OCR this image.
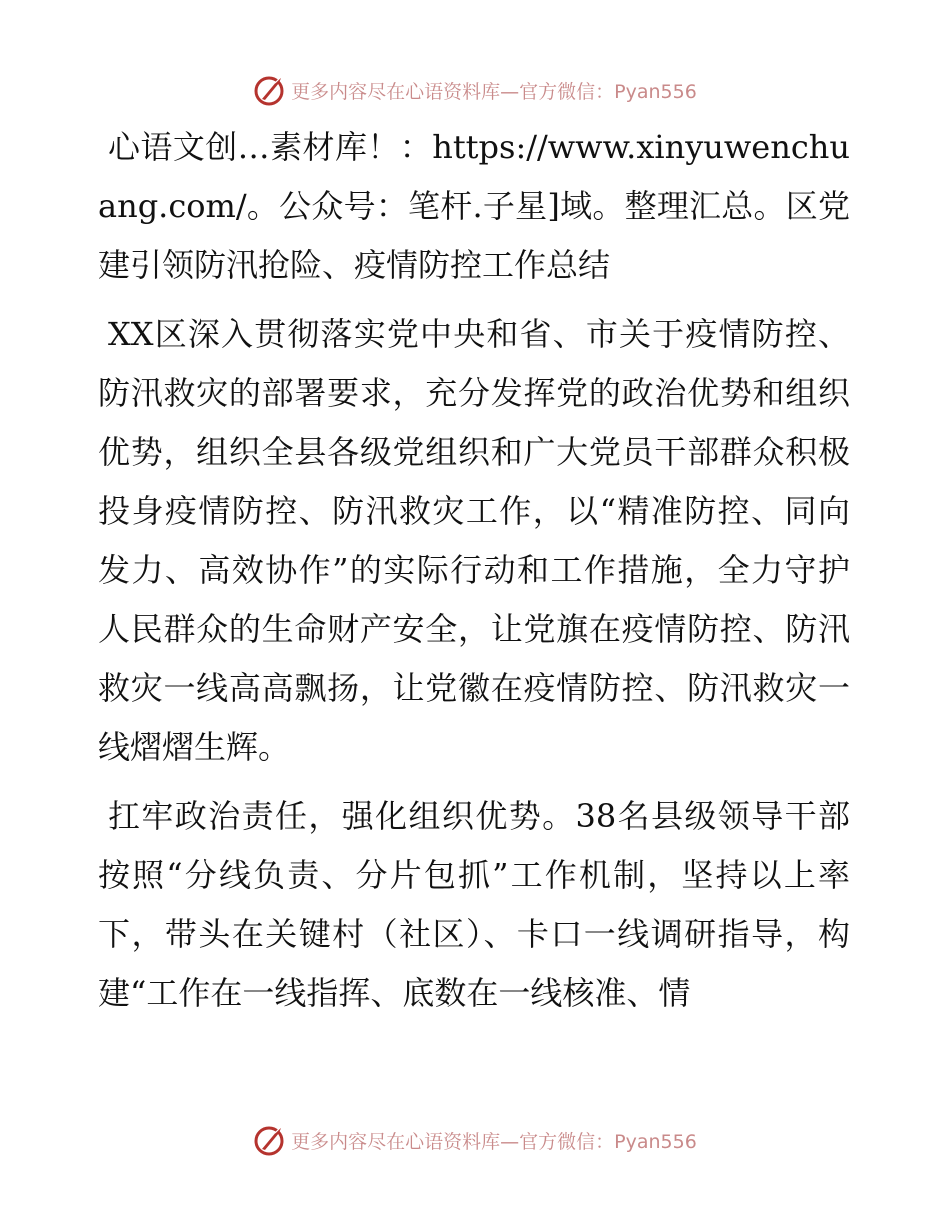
更多内容尽在心语资料库—官方微信：Pyan556

心语文创…素材库！：https://www.xinyuwenchuang.com/。公众号：笔杆.子星]域。整理汇总。区党建引领防汛抢险、疫情防控工作总结

XX区深入贯彻落实党中央和省、市关于疫情防控、防汛救灾的部署要求，充分发挥党的政治优势和组织优势，组织全县各级党组织和广大党员干部群众积极投身疫情防控、防汛救灾工作，以“精准防控、同向发力、高效协作”的实际行动和工作措施，全力守护人民群众的生命财产安全，让党旗在疫情防控、防汛救灾一线高高飘扬，让党徽在疫情防控、防汛救灾一线熠熠生辉。

扛牢政治责任，强化组织优势。38名县级领导干部按照“分线负责、分片包抓”工作机制，坚持以上率下，带头在关键村（社区）、卡口一线调研指导，构建“工作在一线指挥、底数在一线核准、情

更多内容尽在心语资料库—官方微信：Pyan556
